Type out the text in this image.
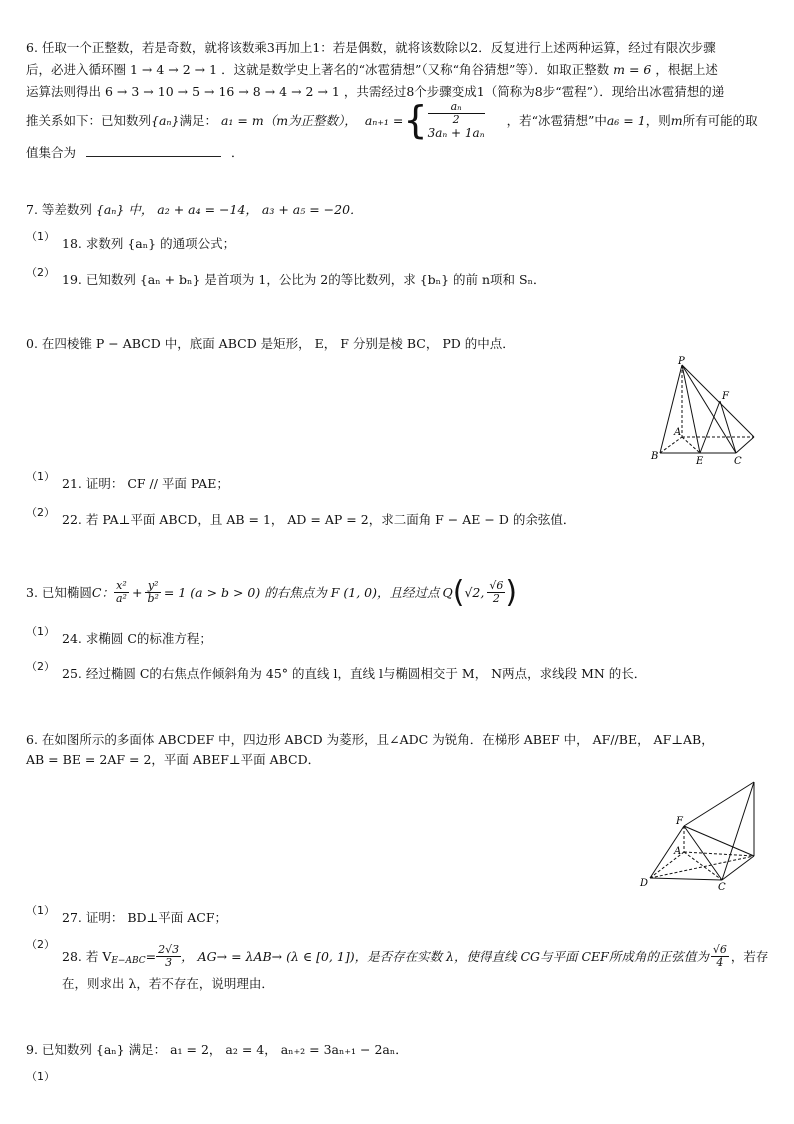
6. 任取一个正整数，若是奇数，就将该数乘3再加上1：若是偶数，就将该数除以2．反复进行上述两种运算，经过有限次步骤
后，必进入循环圈 1 → 4 → 2 → 1 ．这就是数学史上著名的“冰雹猜想”（又称“角谷猜想”等）．如取正整数 m = 6 ，根据上述
运算法则得出 6 → 3 → 10 → 5 → 16 → 8 → 4 → 2 → 1 ，共需经过8个步骤变成1（简称为8步“雹程”）．现给出冰雹猜想的递
推关系如下：已知数列 {aₙ} 满足： a₁ = m（m为正整数）， aₙ₊₁ = { $\frac{\text{aₙ}}{2}$
3aₙ + 1aₙ
，若“冰雹猜想”中 a₆ = 1 ，则 m 所有可能的取
值集合为	．
7. 等差数列 {aₙ} 中， a₂ + a₄ = −14， a₃ + a₅ = −20．
（1） 18. 求数列 {aₙ} 的通项公式；
（2） 19. 已知数列 {aₙ + bₙ} 是首项为 1，公比为 2的等比数列，求 {bₙ} 的前 n项和 Sₙ．
0. 在四棱锥 P − ABCD 中，底面 ABCD 是矩形， E， F 分别是棱 BC， PD 的中点．
P
F
A
B	E	C
（1） 21. 证明： CF // 平面 PAE；
（2） 22. 若 PA⊥平面 ABCD，且 AB = 1， AD = AP = 2，求二面角 F − AE − D 的余弦值．
3. 已知椭圆 C： $\frac{\text{x²}}{\text{a²}} + \frac{\text{y²}}{\text{b²}} = 1$ (a > b > 0) 的右焦点为 F (1, 0)，且经过点 Q ( √2, $\frac{√6}{2}$ )
（1） 24. 求椭圆 C的标准方程；
（2） 25. 经过椭圆 C的右焦点作倾斜角为 45° 的直线 l，直线 l与椭圆相交于 M， N两点，求线段 MN 的长．
6. 在如图所示的多面体 ABCDEF 中，四边形 ABCD 为菱形，且∠ADC 为锐角．在梯形 ABEF 中， AF//BE， AF⊥AB，
AB = BE = 2AF = 2，平面 ABEF⊥平面 ABCD．
F
A
D	C
（1） 27. 证明： BD⊥平面 ACF；
（2）
28. 若 V $E-ABC = \frac{2√3}{3}$ ， AG→ = λAB→ (λ ∈ [0, 1])，是否存在实数 λ，使得直线 CG与平面 CEF所成角的正弦值为 $\frac{√6}{4}$ ，若存
在，则求出 λ，若不存在，说明理由．
9. 已知数列 {aₙ} 满足： a₁ = 2， a₂ = 4， aₙ₊₂ = 3aₙ₊₁ − 2aₙ．
（1）
